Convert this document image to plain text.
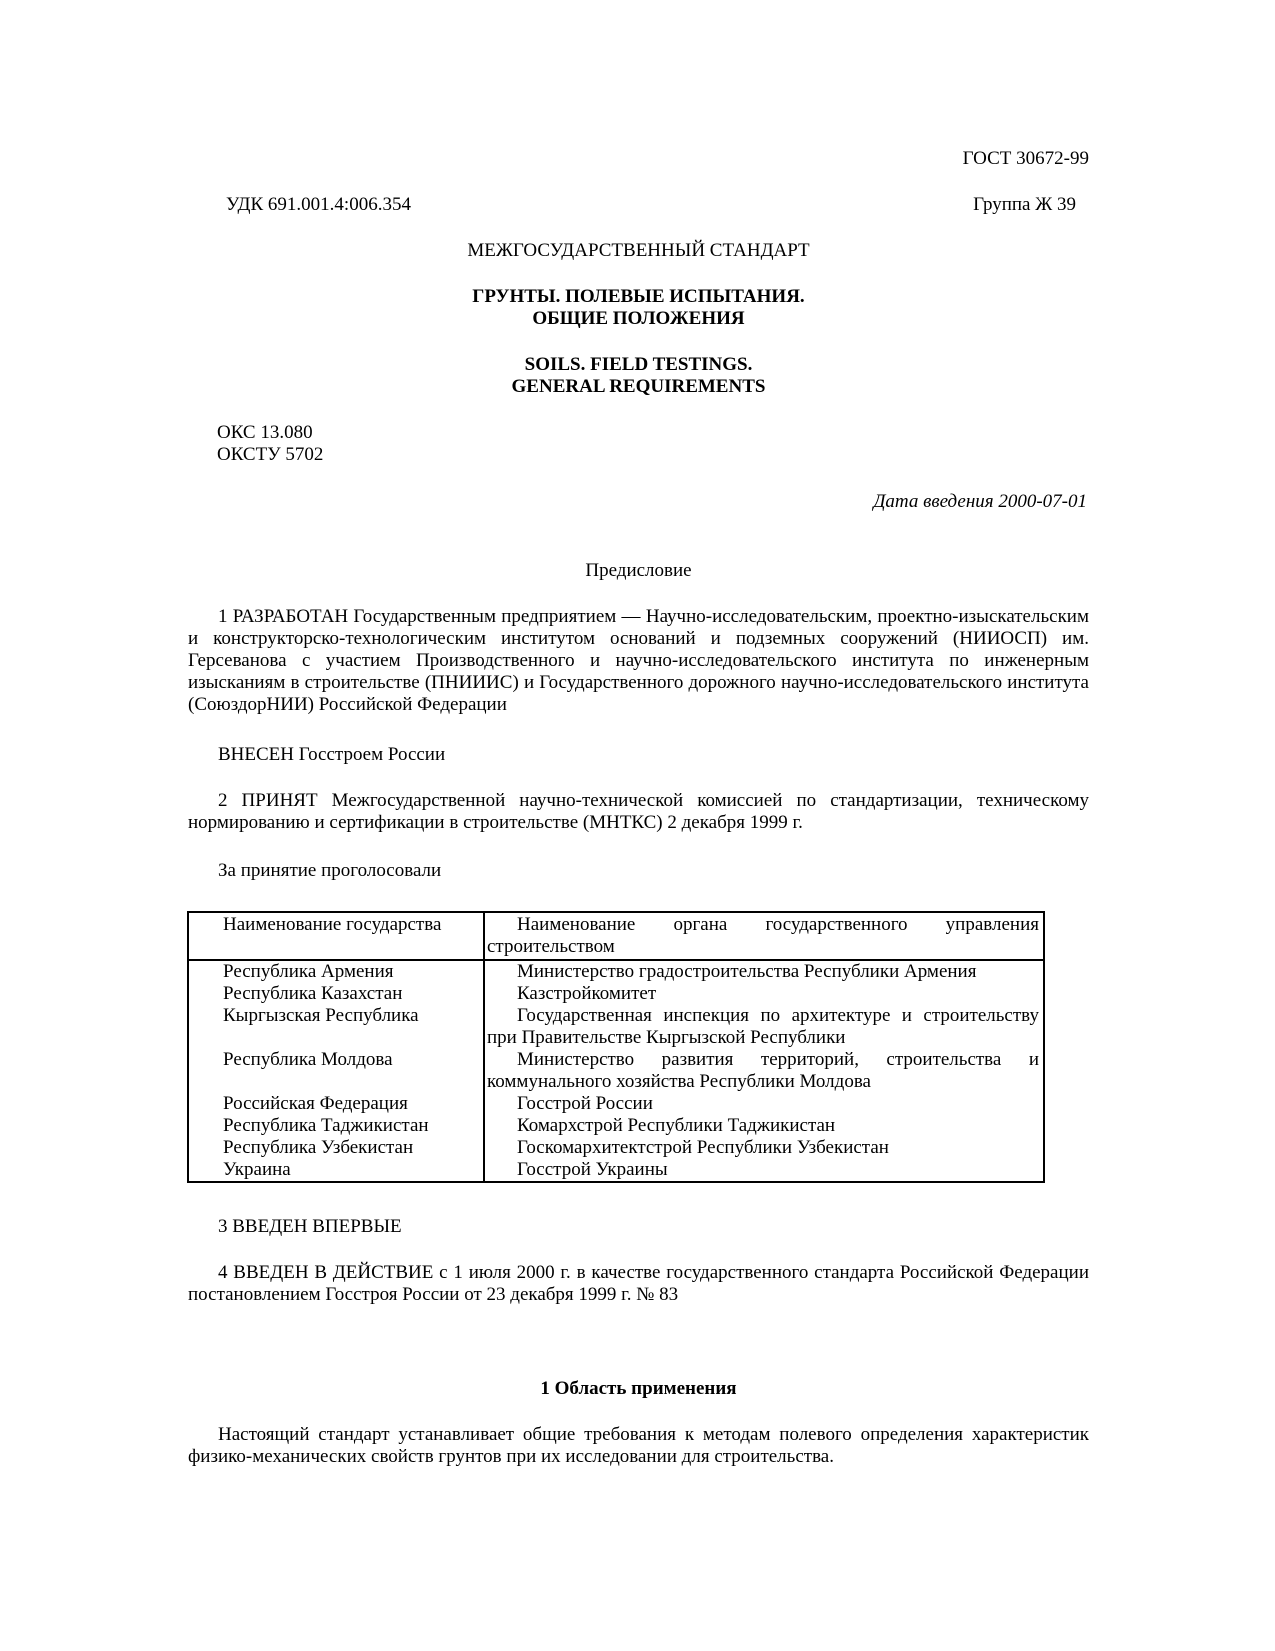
ГОСТ 30672-99
УДК 691.001.4:006.354	Группа Ж 39
МЕЖГОСУДАРСТВЕННЫЙ СТАНДАРТ
ГРУНТЫ. ПОЛЕВЫЕ ИСПЫТАНИЯ.
ОБЩИЕ ПОЛОЖЕНИЯ
SOILS. FIELD TESTINGS.
GENERAL REQUIREMENTS
ОКС 13.080
ОКСТУ 5702
Дата введения 2000-07-01
Предисловие
1 РАЗРАБОТАН Государственным предприятием — Научно-исследовательским, проектно-изыскательским и конструкторско-технологическим институтом оснований и подземных сооружений (НИИОСП) им. Герсеванова с участием Производственного и научно-исследовательского института по инженерным изысканиям в строительстве (ПНИИИС) и Государственного дорожного научно-исследовательского института (СоюздорНИИ) Российской Федерации
ВНЕСЕН Госстроем России
2 ПРИНЯТ Межгосударственной научно-технической комиссией по стандартизации, техническому нормированию и сертификации в строительстве (МНТКС) 2 декабря 1999 г.
За принятие проголосовали
Наименование государства	Наименование органа государственного управления строительством
Республика Армения	Министерство градостроительства Республики Армения
Республика Казахстан	Казстройкомитет
Кыргызская Республика	Государственная инспекция по архитектуре и строительству при Правительстве Кыргызской Республики
Республика Молдова	Министерство развития территорий, строительства и коммунального хозяйства Республики Молдова
Российская Федерация	Госстрой России
Республика Таджикистан	Комархстрой Республики Таджикистан
Республика Узбекистан	Госкомархитектстрой Республики Узбекистан
Украина	Госстрой Украины
3 ВВЕДЕН ВПЕРВЫЕ
4 ВВЕДЕН В ДЕЙСТВИЕ с 1 июля 2000 г. в качестве государственного стандарта Российской Федерации постановлением Госстроя России от 23 декабря 1999 г. № 83
1 Область применения
Настоящий стандарт устанавливает общие требования к методам полевого определения характеристик физико-механических свойств грунтов при их исследовании для строительства.
